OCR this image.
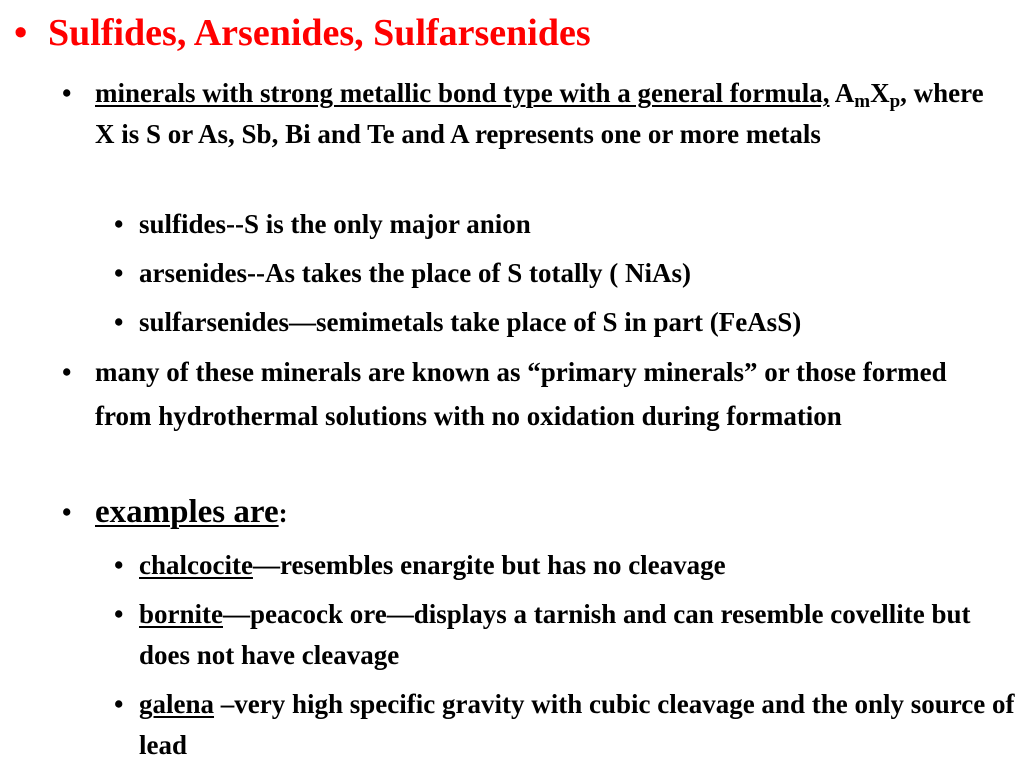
• Sulfides, Arsenides, Sulfarsenides
• minerals with strong metallic bond type with a general formula, $A_mX_p$, where X is S or As, Sb, Bi and Te and A represents one or more metals
• sulfides--S is the only major anion
• arsenides--As takes the place of S totally ( NiAs)
• sulfarsenides—semimetals take place of S in part (FeAsS)
• many of these minerals are known as “primary minerals” or those formed from hydrothermal solutions with no oxidation during formation
• examples are:
• chalcocite—resembles enargite but has no cleavage
• bornite—peacock ore—displays a tarnish and can resemble covellite but does not have cleavage
• galena –very high specific gravity with cubic cleavage and the only source of lead
